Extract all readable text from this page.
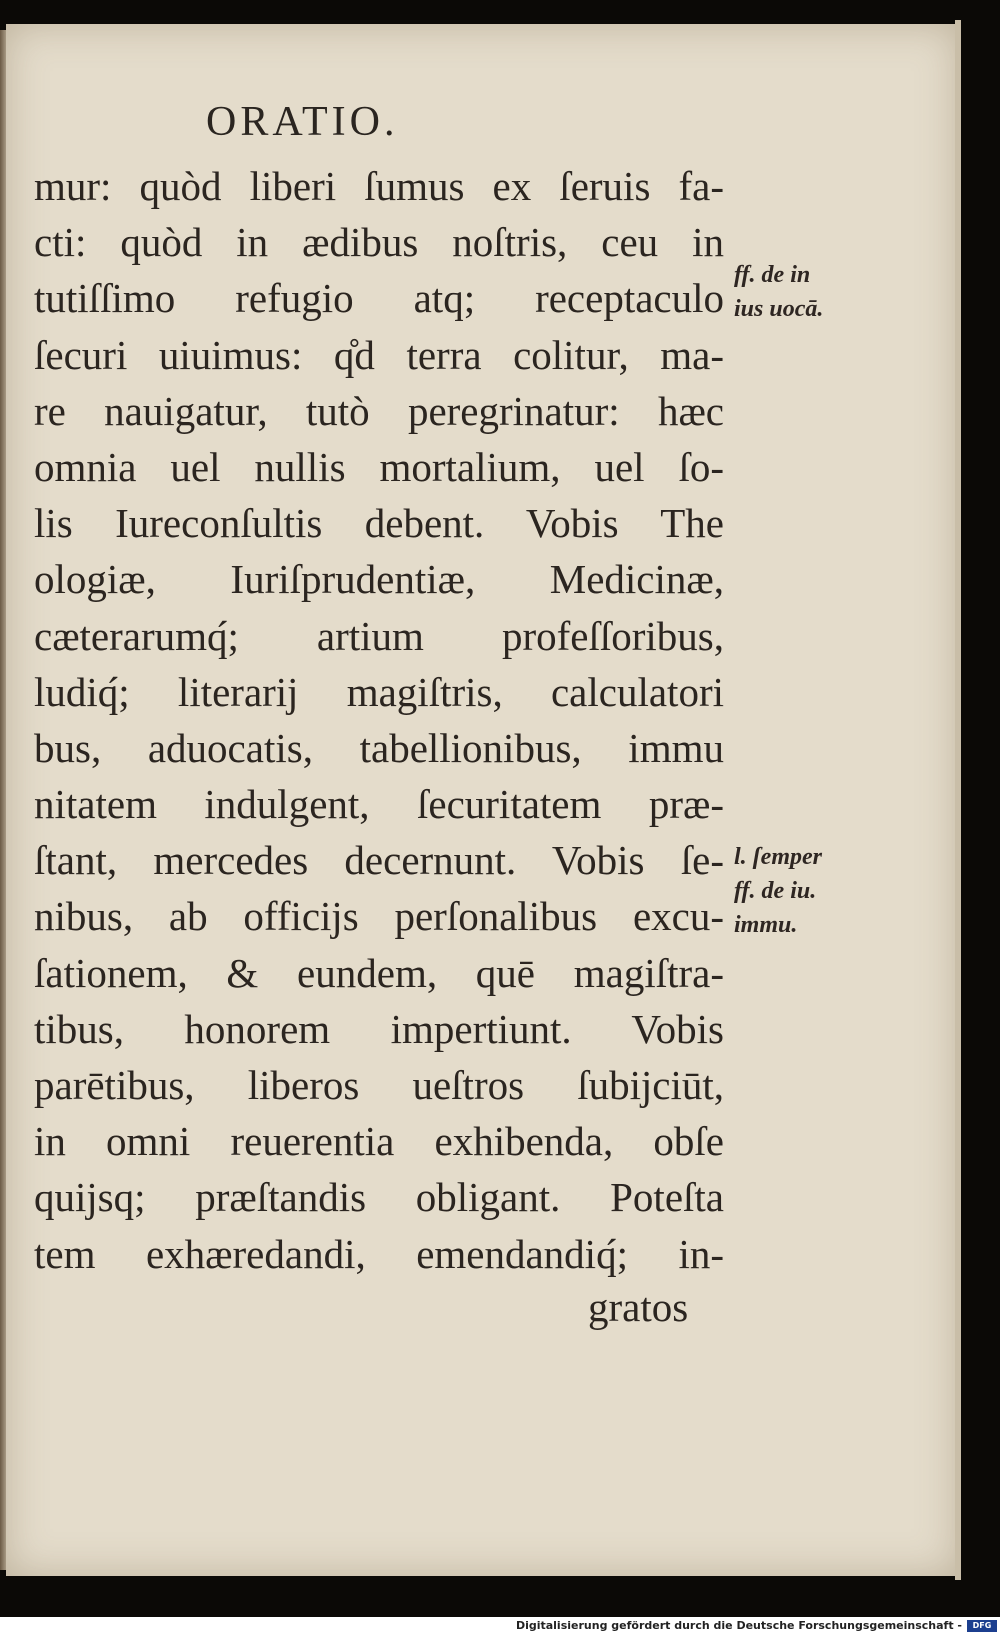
ORATIO.
mur: quòd liberi ſumus ex ſeruis fa-
cti: quòd in ædibus noſtris, ceu in
tutiſſimo refugio atq; receptaculo
ſecuri uiuimus: q̊d terra colitur, ma-
re nauigatur, tutò peregrinatur: hæc
omnia uel nullis mortalium, uel ſo-
lis Iureconſultis debent. Vobis The
ologiæ, Iuriſprudentiæ, Medicinæ,
cæterarumq́; artium profeſſoribus,
ludiq́; literarĳ magiſtris, calculatori
bus, aduocatis, tabellionibus, immu
nitatem indulgent, ſecuritatem præ-
ſtant, mercedes decernunt. Vobis ſe-
nibus, ab officĳs perſonalibus excu-
ſationem, & eundem, quē magiſtra-
tibus, honorem impertiunt. Vobis
parētibus, liberos ueſtros ſubĳciūt,
in omni reuerentia exhibenda, obſe
quĳsq; præſtandis obligant. Poteſta
tem exhæredandi, emendandiq́; in-
gratos
ff. de in
ius uocā.
l. ſemper
ff. de iu.
immu.
Digitalisierung gefördert durch die Deutsche Forschungsgemeinschaft -	DFG
